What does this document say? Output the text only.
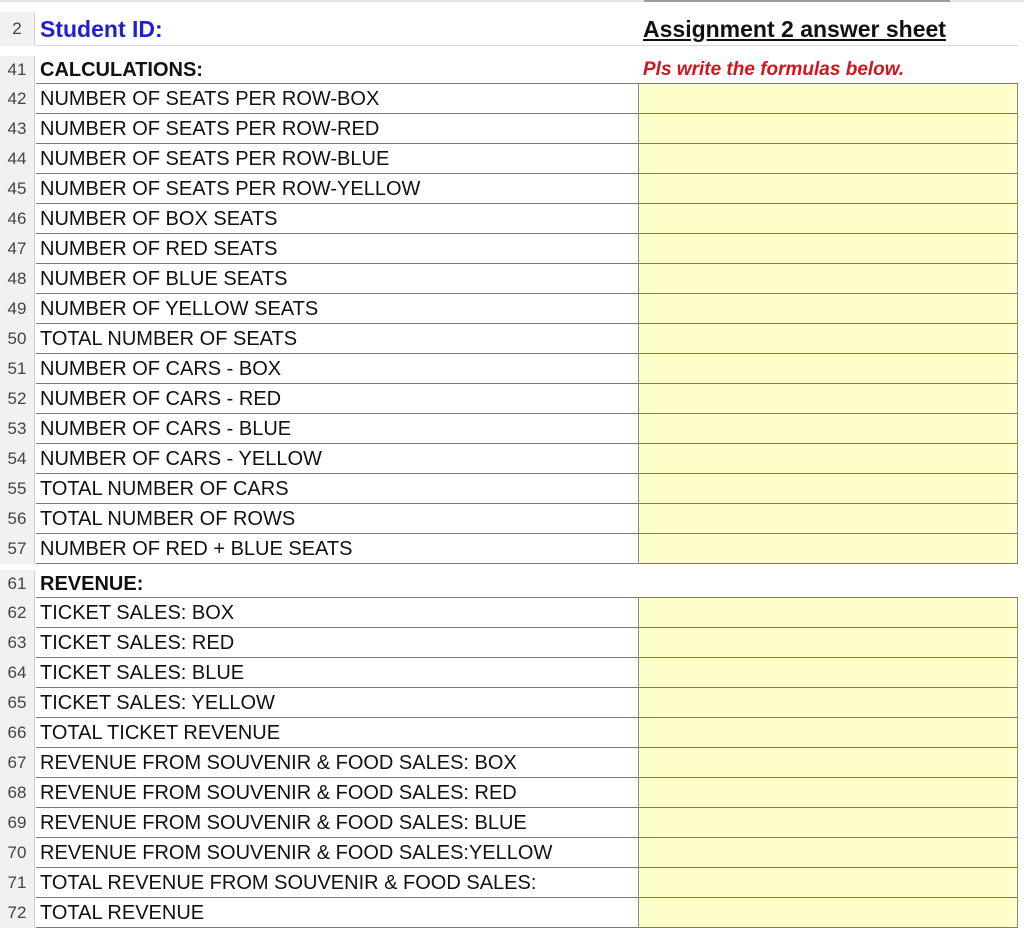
2 Student ID:	Assignment 2 answer sheet
41 CALCULATIONS:	Pls write the formulas below.
42 NUMBER OF SEATS PER ROW-BOX
43 NUMBER OF SEATS PER ROW-RED
44 NUMBER OF SEATS PER ROW-BLUE
45 NUMBER OF SEATS PER ROW-YELLOW
46 NUMBER OF BOX SEATS
47 NUMBER OF RED SEATS
48 NUMBER OF BLUE SEATS
49 NUMBER OF YELLOW SEATS
50 TOTAL NUMBER OF SEATS
51 NUMBER OF CARS - BOX
52 NUMBER OF CARS - RED
53 NUMBER OF CARS - BLUE
54 NUMBER OF CARS - YELLOW
55 TOTAL NUMBER OF CARS
56 TOTAL NUMBER OF ROWS
57 NUMBER OF RED + BLUE SEATS
61 REVENUE:
62 TICKET SALES: BOX
63 TICKET SALES: RED
64 TICKET SALES: BLUE
65 TICKET SALES: YELLOW
66 TOTAL TICKET REVENUE
67 REVENUE FROM SOUVENIR & FOOD SALES: BOX
68 REVENUE FROM SOUVENIR & FOOD SALES: RED
69 REVENUE FROM SOUVENIR & FOOD SALES: BLUE
70 REVENUE FROM SOUVENIR & FOOD SALES:YELLOW
71 TOTAL REVENUE FROM SOUVENIR & FOOD SALES:
72 TOTAL REVENUE
